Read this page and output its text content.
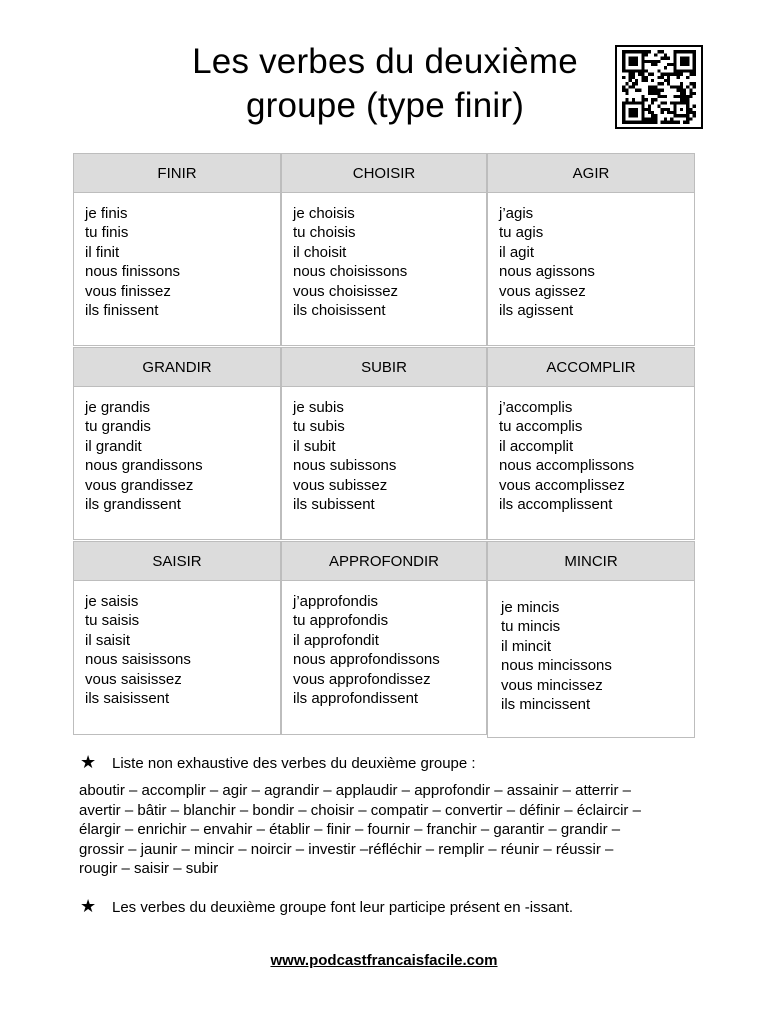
Les verbes du deuxième
groupe (type finir)
FINIR
je finis
tu finis
il finit
nous finissons
vous finissez
ils finissent
CHOISIR
je choisis
tu choisis
il choisit
nous choisissons
vous choisissez
ils choisissent
AGIR
j’agis
tu agis
il agit
nous agissons
vous agissez
ils agissent
GRANDIR
je grandis
tu grandis
il grandit
nous grandissons
vous grandissez
ils grandissent
SUBIR
je subis
tu subis
il subit
nous subissons
vous subissez
ils subissent
ACCOMPLIR
j’accomplis
tu accomplis
il accomplit
nous accomplissons
vous accomplissez
ils accomplissent
SAISIR
je saisis
tu saisis
il saisit
nous saisissons
vous saisissez
ils saisissent
APPROFONDIR
j’approfondis
tu approfondis
il approfondit
nous approfondissons
vous approfondissez
ils approfondissent
MINCIR
je mincis
tu mincis
il mincit
nous mincissons
vous mincissez
ils mincissent
★ Liste non exhaustive des verbes du deuxième groupe :
aboutir – accomplir – agir – agrandir – applaudir – approfondir – assainir – atterrir –
avertir – bâtir – blanchir – bondir – choisir – compatir – convertir – définir – éclaircir –
élargir – enrichir – envahir – établir – finir – fournir – franchir – garantir – grandir –
grossir – jaunir – mincir – noircir – investir –réfléchir – remplir – réunir – réussir –
rougir – saisir – subir
★ Les verbes du deuxième groupe font leur participe présent en -issant.
www.podcastfrancaisfacile.com
